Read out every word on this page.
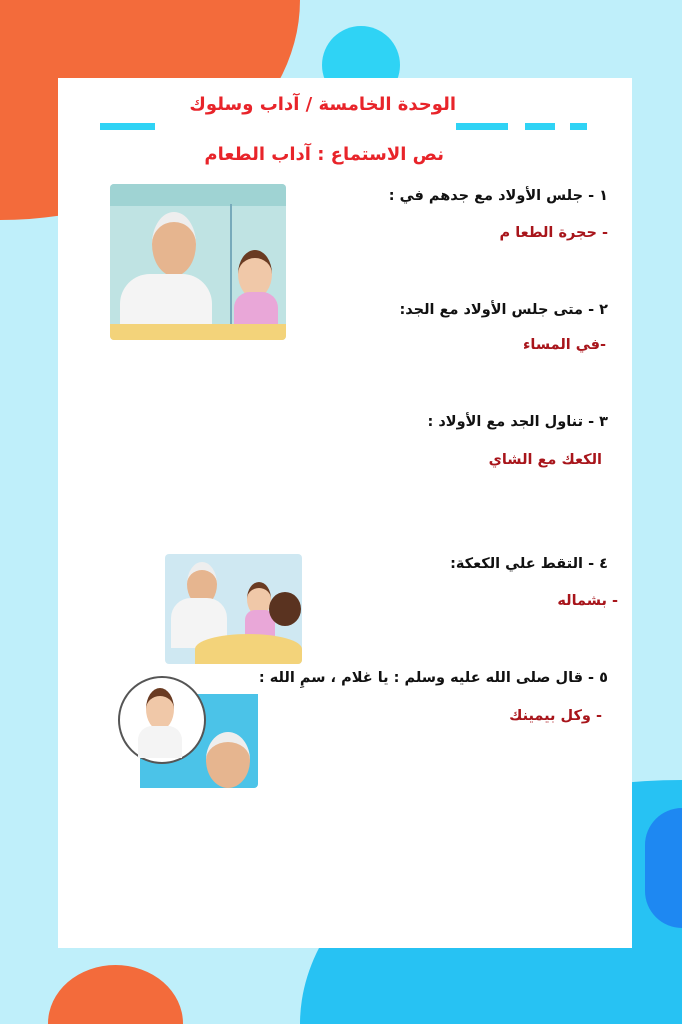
الوحدة الخامسة / آداب وسلوك
نص الاستماع : آداب الطعام
١ - جلس الأولاد مع جدهم في :
- حجرة الطعا م
٢ - متى جلس الأولاد مع الجد:
-في المساء
٣ - تناول الجد مع الأولاد :
الكعك مع الشاي
٤ - التقط علي الكعكة:
- بشماله
٥ - قال صلى الله عليه وسلم : يا غلام ، سمِ الله :
- وكل بيمينك
